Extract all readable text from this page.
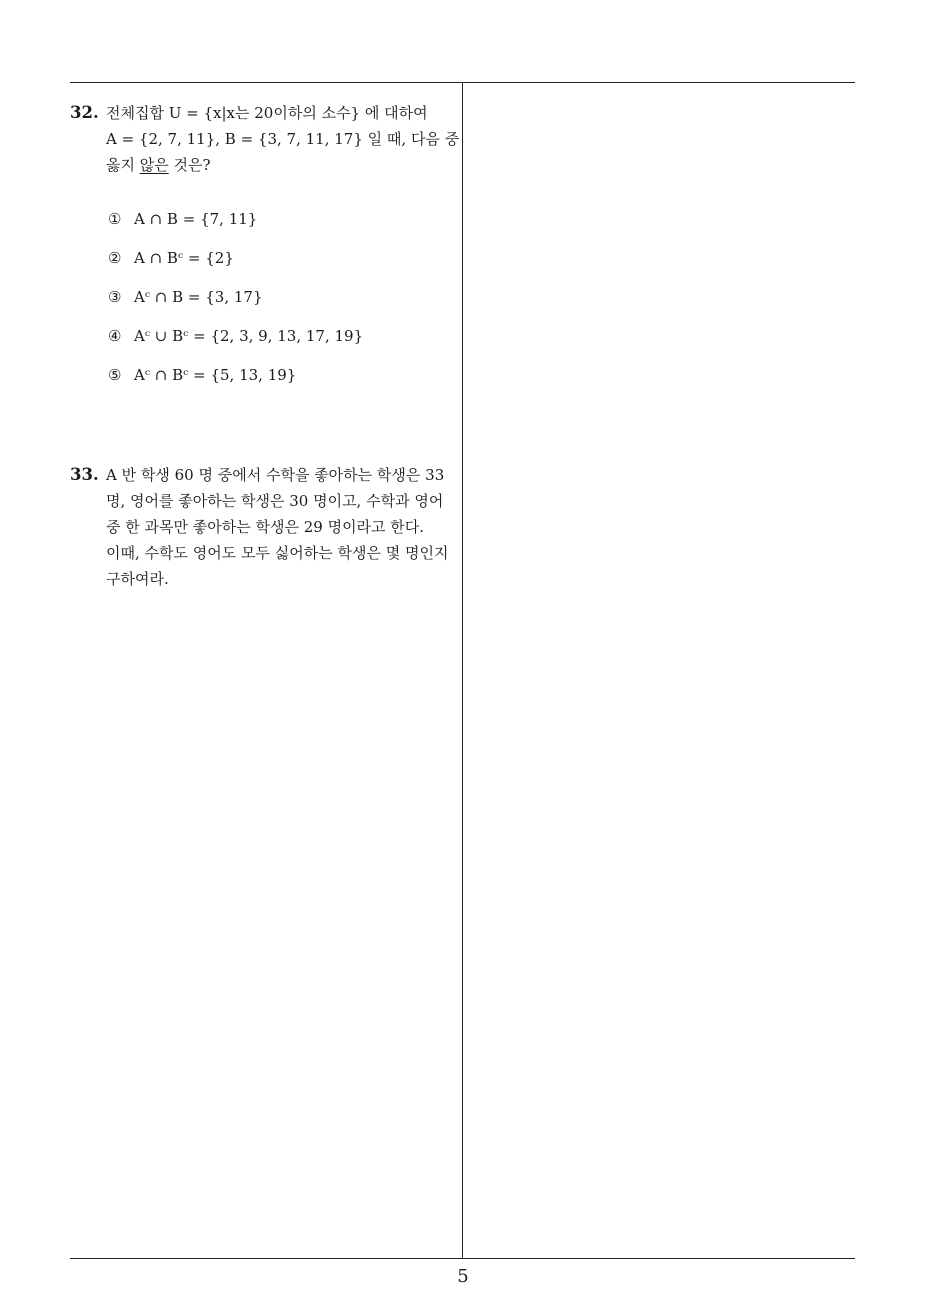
32. 전체집합 U = {x|x는 20이하의 소수} 에 대하여
A = {2, 7, 11}, B = {3, 7, 11, 17} 일 때, 다음 중
옳지 않은 것은?
① A ∩ B = {7, 11}
② A ∩ Bᶜ = {2}
③ Aᶜ ∩ B = {3, 17}
④ Aᶜ ∪ Bᶜ = {2, 3, 9, 13, 17, 19}
⑤ Aᶜ ∩ Bᶜ = {5, 13, 19}
33. A 반 학생 60 명 중에서 수학을 좋아하는 학생은 33
명, 영어를 좋아하는 학생은 30 명이고, 수학과 영어
중 한 과목만 좋아하는 학생은 29 명이라고 한다.
이때, 수학도 영어도 모두 싫어하는 학생은 몇 명인지
구하여라.
5
